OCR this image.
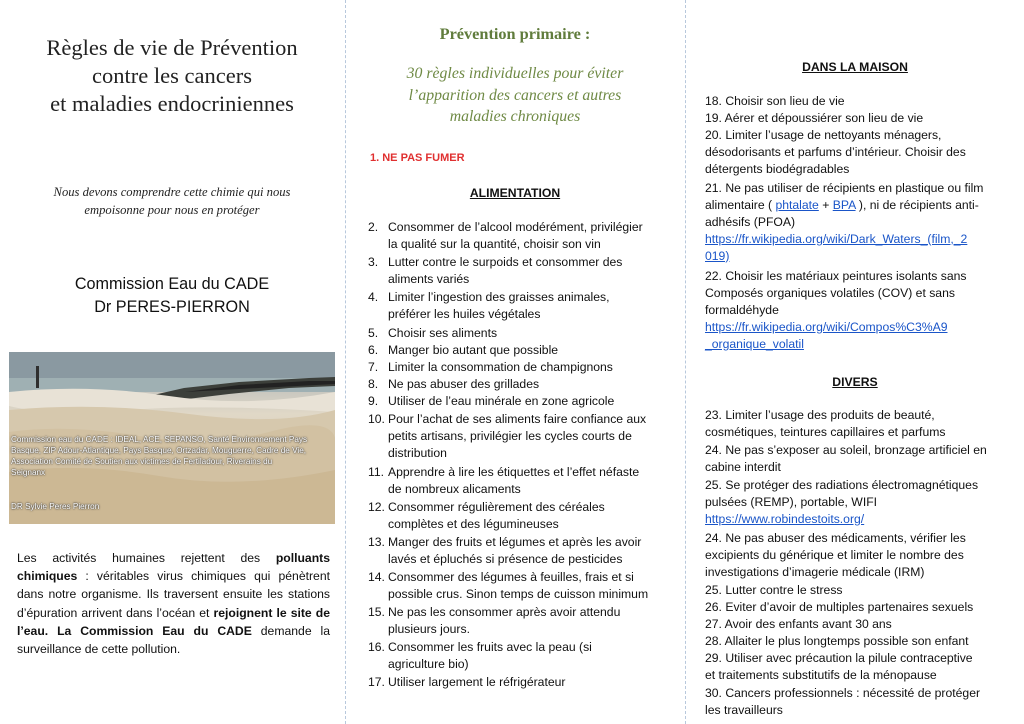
Règles de vie de Prévention
contre les cancers
et maladies endocriniennes
Nous devons comprendre cette chimie qui nous
empoisonne pour nous en protéger
Commission Eau du CADE
Dr PERES-PIERRON
Commission eau du CADE : IDEAL, ACE, SEPANSO, Santé Environnement Pays
Basque, ZIP Adour-Atlantique, Pays Basque, Ortzadar, Mouguerre, Cadre de Vie,
Association Comité de Soutien aux victimes de Fertiladour, Riverains du
Seignanx
DR Sylvie Peres Pierron
Les activités humaines rejettent des polluants chimiques : véritables virus chimiques qui pénètrent dans notre organisme. Ils traversent ensuite les stations d’épuration arrivent dans l’océan et rejoignent le site de l’eau. La Commission Eau du CADE demande la surveillance de cette pollution.
Prévention primaire :
30 règles individuelles pour éviter
l’apparition des cancers et autres
maladies chroniques
1. NE PAS FUMER
ALIMENTATION
2. Consommer de l’alcool modérément, privilégier
la qualité sur la quantité, choisir son vin
3. Lutter contre le surpoids et consommer des
aliments variés
4. Limiter l’ingestion des graisses animales,
préférer les huiles végétales
5. Choisir ses aliments
6. Manger bio autant que possible
7. Limiter la consommation de champignons
8. Ne pas abuser des grillades
9. Utiliser de l’eau minérale en zone agricole
10. Pour l’achat de ses aliments faire confiance aux
petits artisans, privilégier les cycles courts de
distribution
11. Apprendre à lire les étiquettes et l’effet néfaste
de nombreux alicaments
12. Consommer régulièrement des céréales
complètes et des légumineuses
13. Manger des fruits et légumes et après les avoir
lavés et épluchés si présence de pesticides
14. Consommer des légumes à feuilles, frais et si
possible crus. Sinon temps de cuisson minimum
15. Ne pas les consommer après avoir attendu
plusieurs jours.
16. Consommer les fruits avec la peau (si
agriculture bio)
17. Utiliser largement le réfrigérateur
DANS LA MAISON
18. Choisir son lieu de vie
19. Aérer et dépoussiérer son lieu de vie
20. Limiter l’usage de nettoyants ménagers,
désodorisants et parfums d’intérieur. Choisir des
détergents biodégradables
21. Ne pas utiliser de récipients en plastique ou film
alimentaire ( phtalate + BPA ), ni de récipients anti-
adhésifs (PFOA)
https://fr.wikipedia.org/wiki/Dark_Waters_(film,_2
019)
22. Choisir les matériaux peintures isolants sans
Composés organiques volatiles (COV) et sans
formaldéhyde
https://fr.wikipedia.org/wiki/Compos%C3%A9
_organique_volatil
DIVERS
23. Limiter l’usage des produits de beauté,
cosmétiques, teintures capillaires et parfums
24. Ne pas s’exposer au soleil, bronzage artificiel en
cabine interdit
25. Se protéger des radiations électromagnétiques
pulsées (REMP), portable, WIFI
https://www.robindestoits.org/
24. Ne pas abuser des médicaments, vérifier les
excipients du générique et limiter le nombre des
investigations d’imagerie médicale (IRM)
25. Lutter contre le stress
26. Eviter d’avoir de multiples partenaires sexuels
27. Avoir des enfants avant 30 ans
28. Allaiter le plus longtemps possible son enfant
29. Utiliser avec précaution la pilule contraceptive
et traitements substitutifs de la ménopause
30. Cancers professionnels : nécessité de protéger
les travailleurs
